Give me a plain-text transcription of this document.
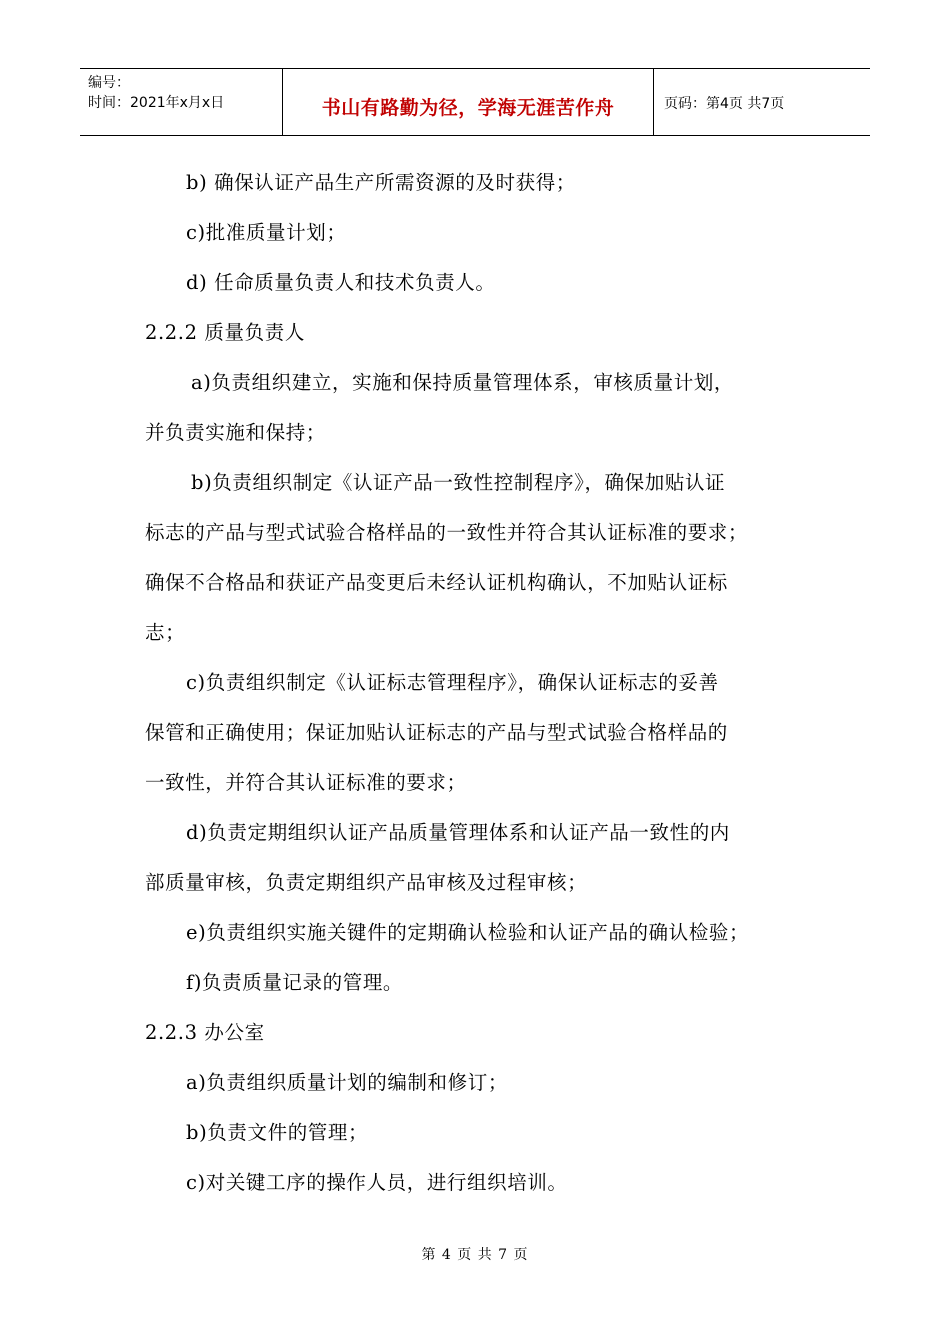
编号：
时间：2021年x月x日	书山有路勤为径，学海无涯苦作舟	页码：第4页 共7页
b) 确保认证产品生产所需资源的及时获得；
c)批准质量计划；
d) 任命质量负责人和技术负责人。
2.2.2 质量负责人
a)负责组织建立，实施和保持质量管理体系，审核质量计划，
并负责实施和保持；
b)负责组织制定《认证产品一致性控制程序》，确保加贴认证
标志的产品与型式试验合格样品的一致性并符合其认证标准的要求；
确保不合格品和获证产品变更后未经认证机构确认，不加贴认证标
志；
c)负责组织制定《认证标志管理程序》，确保认证标志的妥善
保管和正确使用；保证加贴认证标志的产品与型式试验合格样品的
一致性，并符合其认证标准的要求；
d)负责定期组织认证产品质量管理体系和认证产品一致性的内
部质量审核，负责定期组织产品审核及过程审核；
e)负责组织实施关键件的定期确认检验和认证产品的确认检验；
f)负责质量记录的管理。
2.2.3 办公室
a)负责组织质量计划的编制和修订；
b)负责文件的管理；
c)对关键工序的操作人员，进行组织培训。
第 4 页 共 7 页
